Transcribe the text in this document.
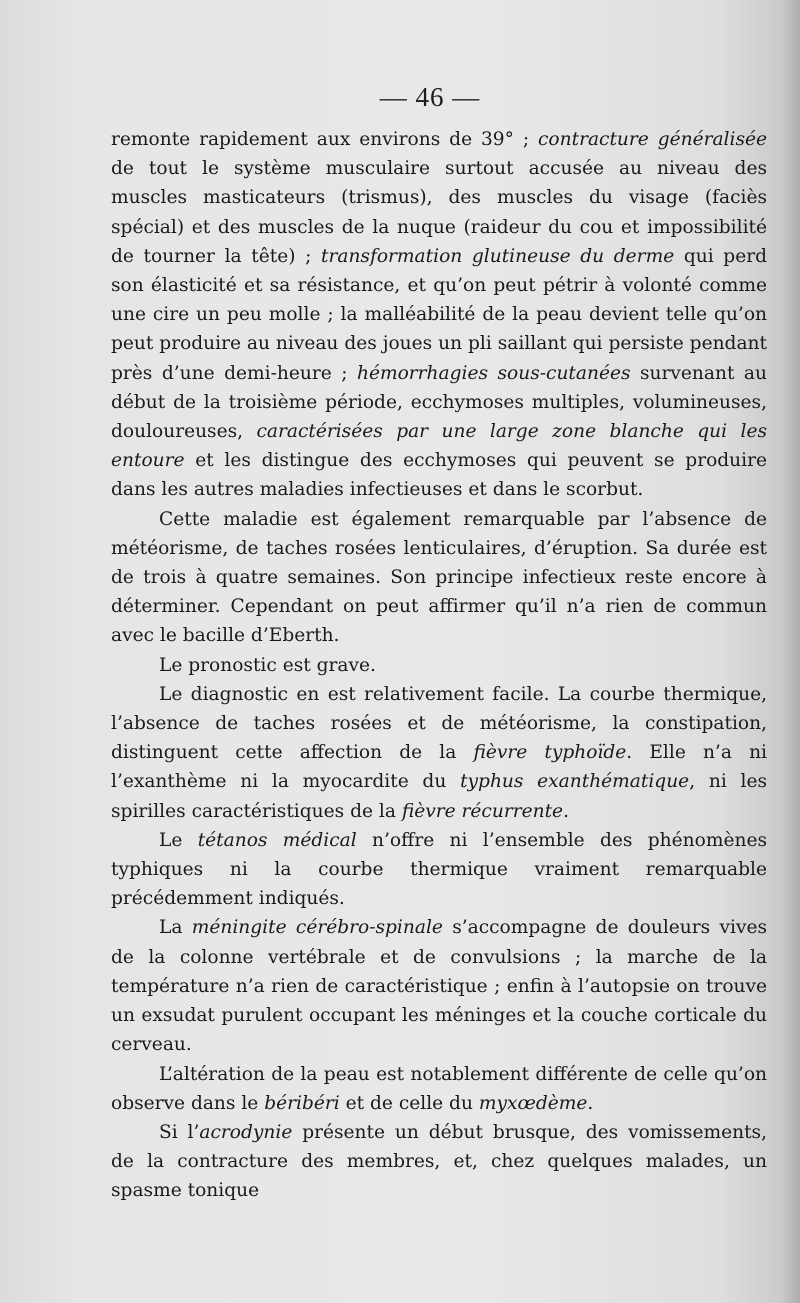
— 46 —

remonte rapidement aux environs de 39° ; contracture généralisée de tout le système musculaire surtout accusée au niveau des muscles masticateurs (trismus), des muscles du visage (faciès spécial) et des muscles de la nuque (raideur du cou et impossibilité de tourner la tête) ; transformation glutineuse du derme qui perd son élasticité et sa résistance, et qu’on peut pétrir à volonté comme une cire un peu molle ; la malléabilité de la peau devient telle qu’on peut produire au niveau des joues un pli saillant qui persiste pendant près d’une demi-heure ; hémorrhagies sous-cutanées survenant au début de la troisième période, ecchymoses multiples, volumineuses, douloureuses, caractérisées par une large zone blanche qui les entoure et les distingue des ecchymoses qui peuvent se produire dans les autres maladies infectieuses et dans le scorbut.

Cette maladie est également remarquable par l’absence de météorisme, de taches rosées lenticulaires, d’éruption. Sa durée est de trois à quatre semaines. Son principe infectieux reste encore à déterminer. Cependant on peut affirmer qu’il n’a rien de commun avec le bacille d’Eberth.

Le pronostic est grave.

Le diagnostic en est relativement facile. La courbe thermique, l’absence de taches rosées et de météorisme, la constipation, distinguent cette affection de la fièvre typhoïde. Elle n’a ni l’exanthème ni la myocardite du typhus exanthématique, ni les spirilles caractéristiques de la fièvre récurrente.

Le tétanos médical n’offre ni l’ensemble des phénomènes typhiques ni la courbe thermique vraiment remarquable précédemment indiqués.

La méningite cérébro-spinale s’accompagne de douleurs vives de la colonne vertébrale et de convulsions ; la marche de la température n’a rien de caractéristique ; enfin à l’autopsie on trouve un exsudat purulent occupant les méninges et la couche corticale du cerveau.

L’altération de la peau est notablement différente de celle qu’on observe dans le béribéri et de celle du myxœdème.

Si l’acrodynie présente un début brusque, des vomissements, de la contracture des membres, et, chez quelques malades, un spasme tonique
